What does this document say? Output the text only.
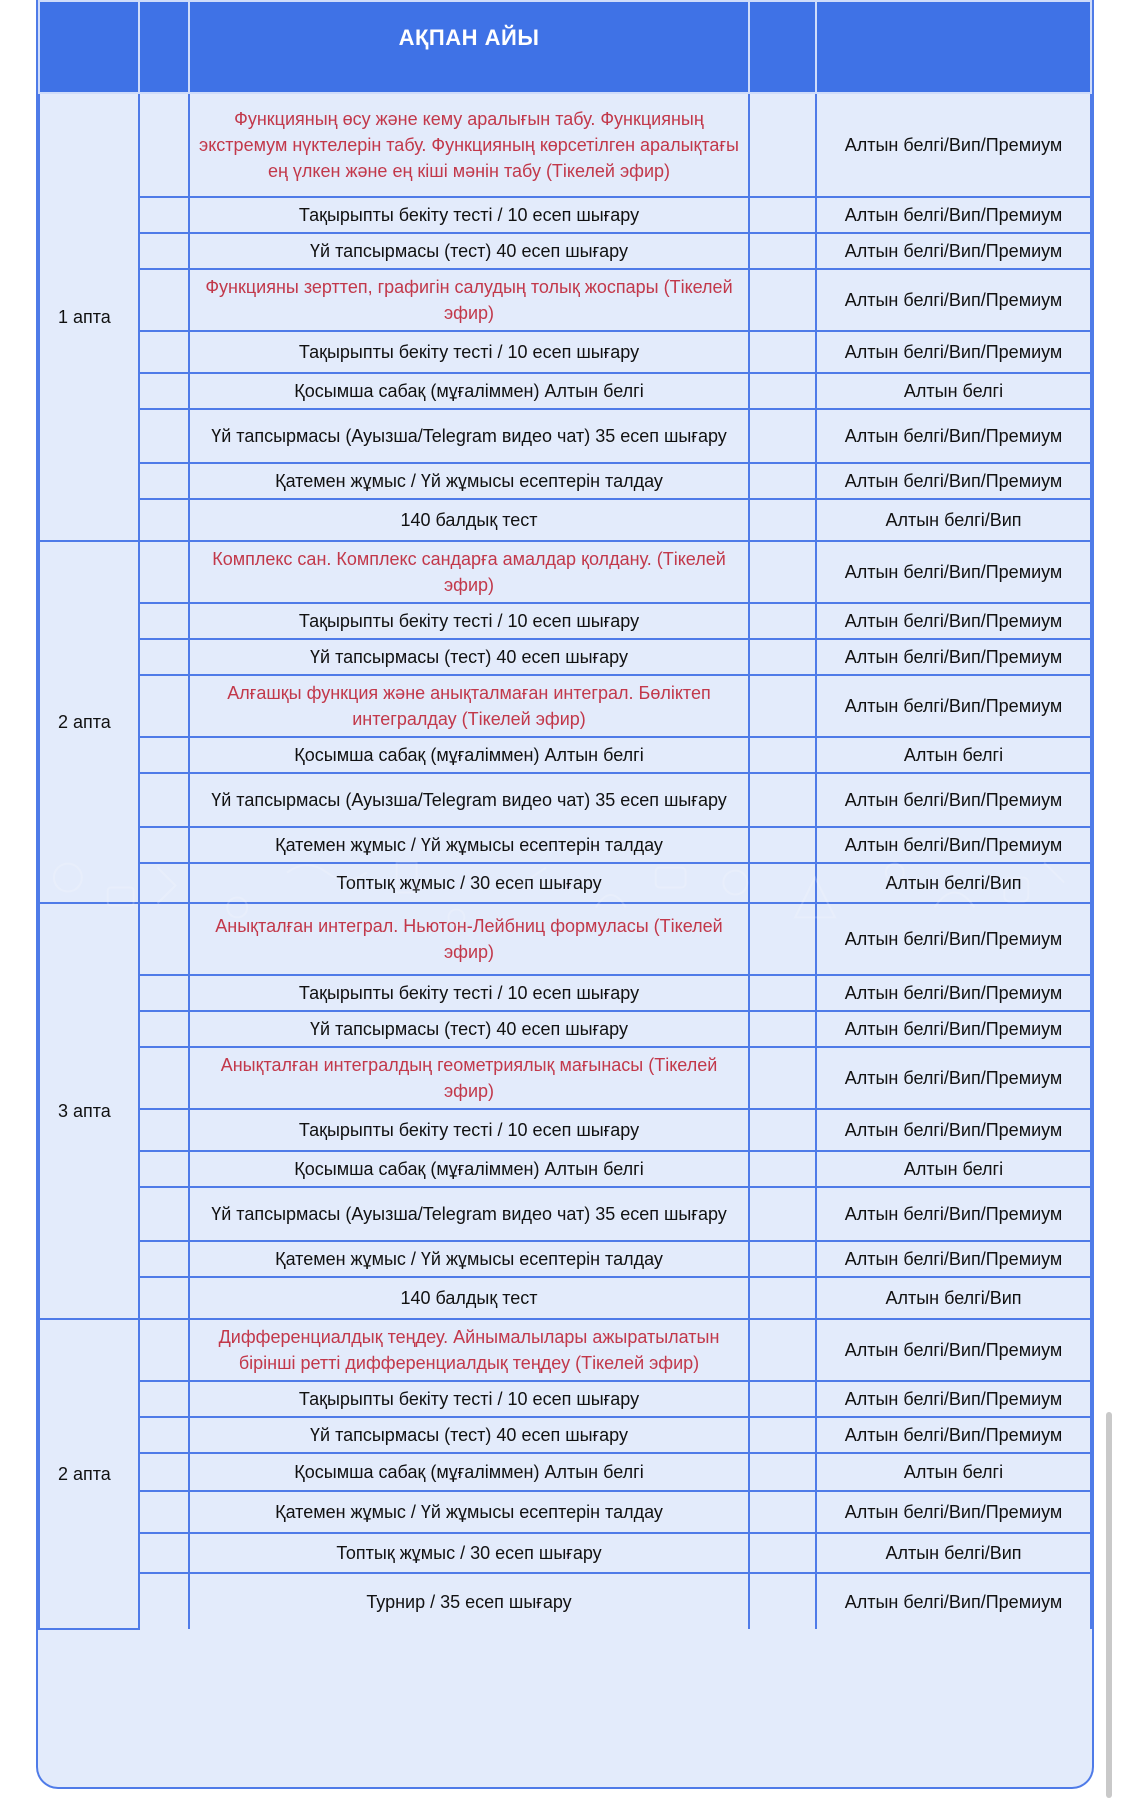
		АҚПАН АЙЫ		
1 апта		Функцияның өсу және кему аралығын табу. Функцияның экстремум нүктелерін табу. Функцияның көрсетілген аралықтағы ең үлкен және ең кіші мәнін табу (Тікелей эфир)		Алтын белгі/Вип/Премиум
		Тақырыпты бекіту тесті / 10 есеп шығару		Алтын белгі/Вип/Премиум
		Үй тапсырмасы (тест) 40 есеп шығару		Алтын белгі/Вип/Премиум
		Функцияны зерттеп, графигін салудың толық жоспары (Тікелей эфир)		Алтын белгі/Вип/Премиум
		Тақырыпты бекіту тесті / 10 есеп шығару		Алтын белгі/Вип/Премиум
		Қосымша сабақ (мұғаліммен) Алтын белгі		Алтын белгі
		Үй тапсырмасы (Ауызша/Telegram видео чат) 35 есеп шығару		Алтын белгі/Вип/Премиум
		Қатемен жұмыс / Үй жұмысы есептерін талдау		Алтын белгі/Вип/Премиум
		140 балдық тест		Алтын белгі/Вип
2 апта		Комплекс сан. Комплекс сандарға амалдар қолдану. (Тікелей эфир)		Алтын белгі/Вип/Премиум
		Тақырыпты бекіту тесті / 10 есеп шығару		Алтын белгі/Вип/Премиум
		Үй тапсырмасы (тест) 40 есеп шығару		Алтын белгі/Вип/Премиум
		Алғашқы функция және анықталмаған интеграл. Бөліктеп интегралдау (Тікелей эфир)		Алтын белгі/Вип/Премиум
		Қосымша сабақ (мұғаліммен) Алтын белгі		Алтын белгі
		Үй тапсырмасы (Ауызша/Telegram видео чат) 35 есеп шығару		Алтын белгі/Вип/Премиум
		Қатемен жұмыс / Үй жұмысы есептерін талдау		Алтын белгі/Вип/Премиум
		Топтық жұмыс / 30 есеп шығару		Алтын белгі/Вип
3 апта		Анықталған интеграл. Ньютон-Лейбниц формуласы (Тікелей эфир)		Алтын белгі/Вип/Премиум
		Тақырыпты бекіту тесті / 10 есеп шығару		Алтын белгі/Вип/Премиум
		Үй тапсырмасы (тест) 40 есеп шығару		Алтын белгі/Вип/Премиум
		Анықталған интегралдың геометриялық мағынасы (Тікелей эфир)		Алтын белгі/Вип/Премиум
		Тақырыпты бекіту тесті / 10 есеп шығару		Алтын белгі/Вип/Премиум
		Қосымша сабақ (мұғаліммен) Алтын белгі		Алтын белгі
		Үй тапсырмасы (Ауызша/Telegram видео чат) 35 есеп шығару		Алтын белгі/Вип/Премиум
		Қатемен жұмыс / Үй жұмысы есептерін талдау		Алтын белгі/Вип/Премиум
		140 балдық тест		Алтын белгі/Вип
2 апта		Дифференциалдық теңдеу. Айнымалылары ажыратылатын бірінші ретті дифференциалдық теңдеу (Тікелей эфир)		Алтын белгі/Вип/Премиум
		Тақырыпты бекіту тесті / 10 есеп шығару		Алтын белгі/Вип/Премиум
		Үй тапсырмасы (тест) 40 есеп шығару		Алтын белгі/Вип/Премиум
		Қосымша сабақ (мұғаліммен) Алтын белгі		Алтын белгі
		Қатемен жұмыс / Үй жұмысы есептерін талдау		Алтын белгі/Вип/Премиум
		Топтық жұмыс / 30 есеп шығару		Алтын белгі/Вип
		Турнир / 35 есеп шығару		Алтын белгі/Вип/Премиум
